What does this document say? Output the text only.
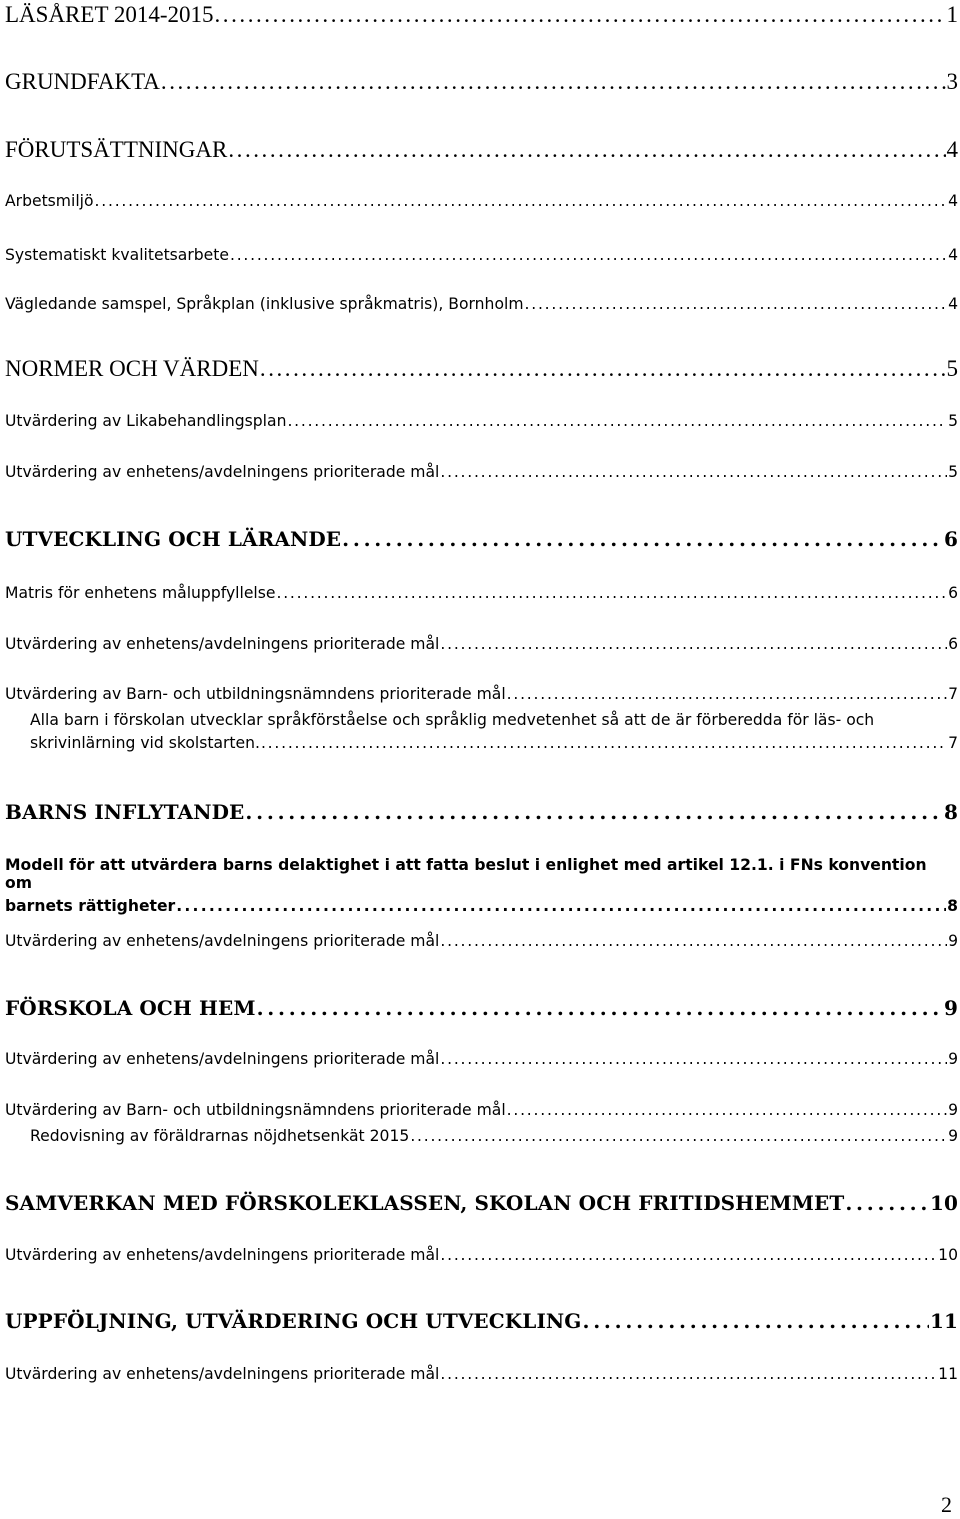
LÄSÅRET 2014-2015 . . .	1
GRUNDFAKTA . . .	3
FÖRUTSÄTTNINGAR . . .	4
Arbetsmiljö . . .	4
Systematiskt kvalitetsarbete . . .	4
Vägledande samspel, Språkplan (inklusive språkmatris), Bornholm . . .	4
NORMER OCH VÄRDEN . . .	5
Utvärdering av Likabehandlingsplan . . .	5
Utvärdering av enhetens/avdelningens prioriterade mål . . .	5
UTVECKLING OCH LÄRANDE . . .	6
Matris för enhetens måluppfyllelse . . .	6
Utvärdering av enhetens/avdelningens prioriterade mål . . .	6
Utvärdering av Barn- och utbildningsnämndens prioriterade mål . . .	7
Alla barn i förskolan utvecklar språkförståelse och språklig medvetenhet så att de är förberedda för läs- och
skrivinlärning vid skolstarten. . . .	7
BARNS INFLYTANDE . . .	8
Modell för att utvärdera barns delaktighet i att fatta beslut i enlighet med artikel 12.1. i FNs konvention om
barnets rättigheter . . .	8
Utvärdering av enhetens/avdelningens prioriterade mål . . .	9
FÖRSKOLA OCH HEM . . .	9
Utvärdering av enhetens/avdelningens prioriterade mål . . .	9
Utvärdering av Barn- och utbildningsnämndens prioriterade mål . . .	9
Redovisning av föräldrarnas nöjdhetsenkät 2015 . . .	9
SAMVERKAN MED FÖRSKOLEKLASSEN, SKOLAN OCH FRITIDSHEMMET . . .	10
Utvärdering av enhetens/avdelningens prioriterade mål . . .	10
UPPFÖLJNING, UTVÄRDERING OCH UTVECKLING . . .	11
Utvärdering av enhetens/avdelningens prioriterade mål . . .	11
2
